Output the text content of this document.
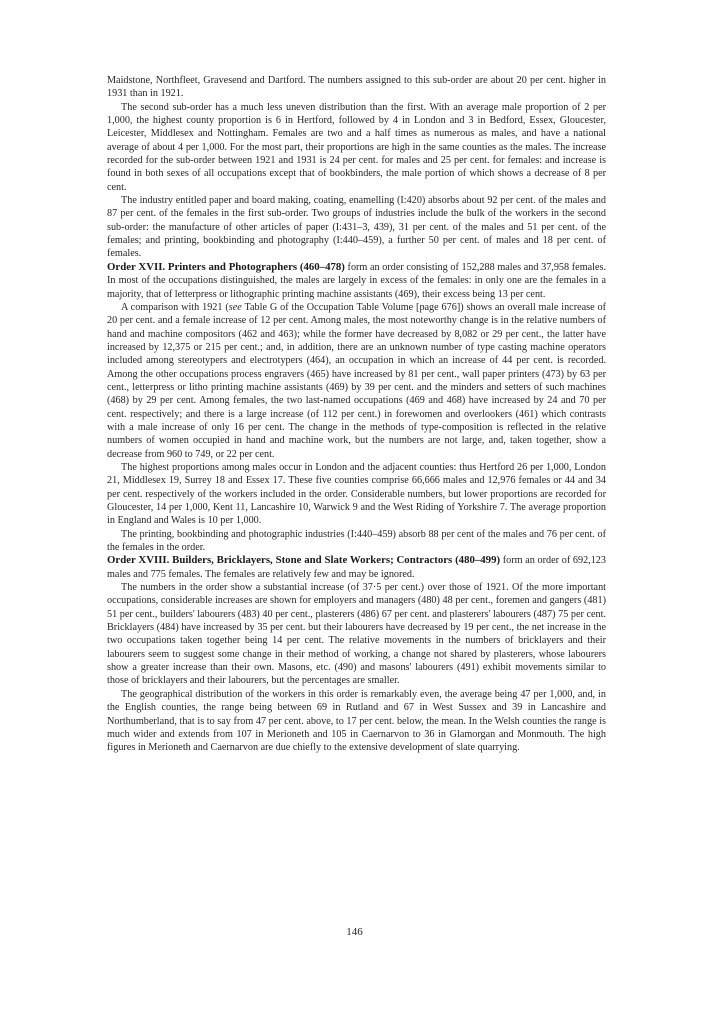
Maidstone, Northfleet, Gravesend and Dartford. The numbers assigned to this sub-order are about 20 per cent. higher in 1931 than in 1921.

The second sub-order has a much less uneven distribution than the first. With an average male proportion of 2 per 1,000, the highest county proportion is 6 in Hertford, followed by 4 in London and 3 in Bedford, Essex, Gloucester, Leicester, Middlesex and Nottingham. Females are two and a half times as numerous as males, and have a national average of about 4 per 1,000. For the most part, their proportions are high in the same counties as the males. The increase recorded for the sub-order between 1921 and 1931 is 24 per cent. for males and 25 per cent. for females: and increase is found in both sexes of all occupations except that of bookbinders, the male portion of which shows a decrease of 8 per cent.

The industry entitled paper and board making, coating, enamelling (I:420) absorbs about 92 per cent. of the males and 87 per cent. of the females in the first sub-order. Two groups of industries include the bulk of the workers in the second sub-order: the manufacture of other articles of paper (I:431–3, 439), 31 per cent. of the males and 51 per cent. of the females; and printing, bookbinding and photography (I:440–459), a further 50 per cent. of males and 18 per cent. of females.

Order XVII. Printers and Photographers (460–478) form an order consisting of 152,288 males and 37,958 females. In most of the occupations distinguished, the males are largely in excess of the females: in only one are the females in a majority, that of letterpress or lithographic printing machine assistants (469), their excess being 13 per cent.

A comparison with 1921 (see Table G of the Occupation Table Volume [page 676]) shows an overall male increase of 20 per cent. and a female increase of 12 per cent. Among males, the most noteworthy change is in the relative numbers of hand and machine compositors (462 and 463); while the former have decreased by 8,082 or 29 per cent., the latter have increased by 12,375 or 215 per cent.; and, in addition, there are an unknown number of type casting machine operators included among stereotypers and electrotypers (464), an occupation in which an increase of 44 per cent. is recorded. Among the other occupations process engravers (465) have increased by 81 per cent., wall paper printers (473) by 63 per cent., letterpress or litho printing machine assistants (469) by 39 per cent. and the minders and setters of such machines (468) by 29 per cent. Among females, the two last-named occupations (469 and 468) have increased by 24 and 70 per cent. respectively; and there is a large increase (of 112 per cent.) in forewomen and overlookers (461) which contrasts with a male increase of only 16 per cent. The change in the methods of type-composition is reflected in the relative numbers of women occupied in hand and machine work, but the numbers are not large, and, taken together, show a decrease from 960 to 749, or 22 per cent.

The highest proportions among males occur in London and the adjacent counties: thus Hertford 26 per 1,000, London 21, Middlesex 19, Surrey 18 and Essex 17. These five counties comprise 66,666 males and 12,976 females or 44 and 34 per cent. respectively of the workers included in the order. Considerable numbers, but lower proportions are recorded for Gloucester, 14 per 1,000, Kent 11, Lancashire 10, Warwick 9 and the West Riding of Yorkshire 7. The average proportion in England and Wales is 10 per 1,000.

The printing, bookbinding and photographic industries (I:440–459) absorb 88 per cent of the males and 76 per cent. of the females in the order.

Order XVIII. Builders, Bricklayers, Stone and Slate Workers; Contractors (480–499) form an order of 692,123 males and 775 females. The females are relatively few and may be ignored.

The numbers in the order show a substantial increase (of 37·5 per cent.) over those of 1921. Of the more important occupations, considerable increases are shown for employers and managers (480) 48 per cent., foremen and gangers (481) 51 per cent., builders' labourers (483) 40 per cent., plasterers (486) 67 per cent. and plasterers' labourers (487) 75 per cent. Bricklayers (484) have increased by 35 per cent. but their labourers have decreased by 19 per cent., the net increase in the two occupations taken together being 14 per cent. The relative movements in the numbers of bricklayers and their labourers seem to suggest some change in their method of working, a change not shared by plasterers, whose labourers show a greater increase than their own. Masons, etc. (490) and masons' labourers (491) exhibit movements similar to those of bricklayers and their labourers, but the percentages are smaller.

The geographical distribution of the workers in this order is remarkably even, the average being 47 per 1,000, and, in the English counties, the range being between 69 in Rutland and 67 in West Sussex and 39 in Lancashire and Northumberland, that is to say from 47 per cent. above, to 17 per cent. below, the mean. In the Welsh counties the range is much wider and extends from 107 in Merioneth and 105 in Caernarvon to 36 in Glamorgan and Monmouth. The high figures in Merioneth and Caernarvon are due chiefly to the extensive development of slate quarrying.

146
